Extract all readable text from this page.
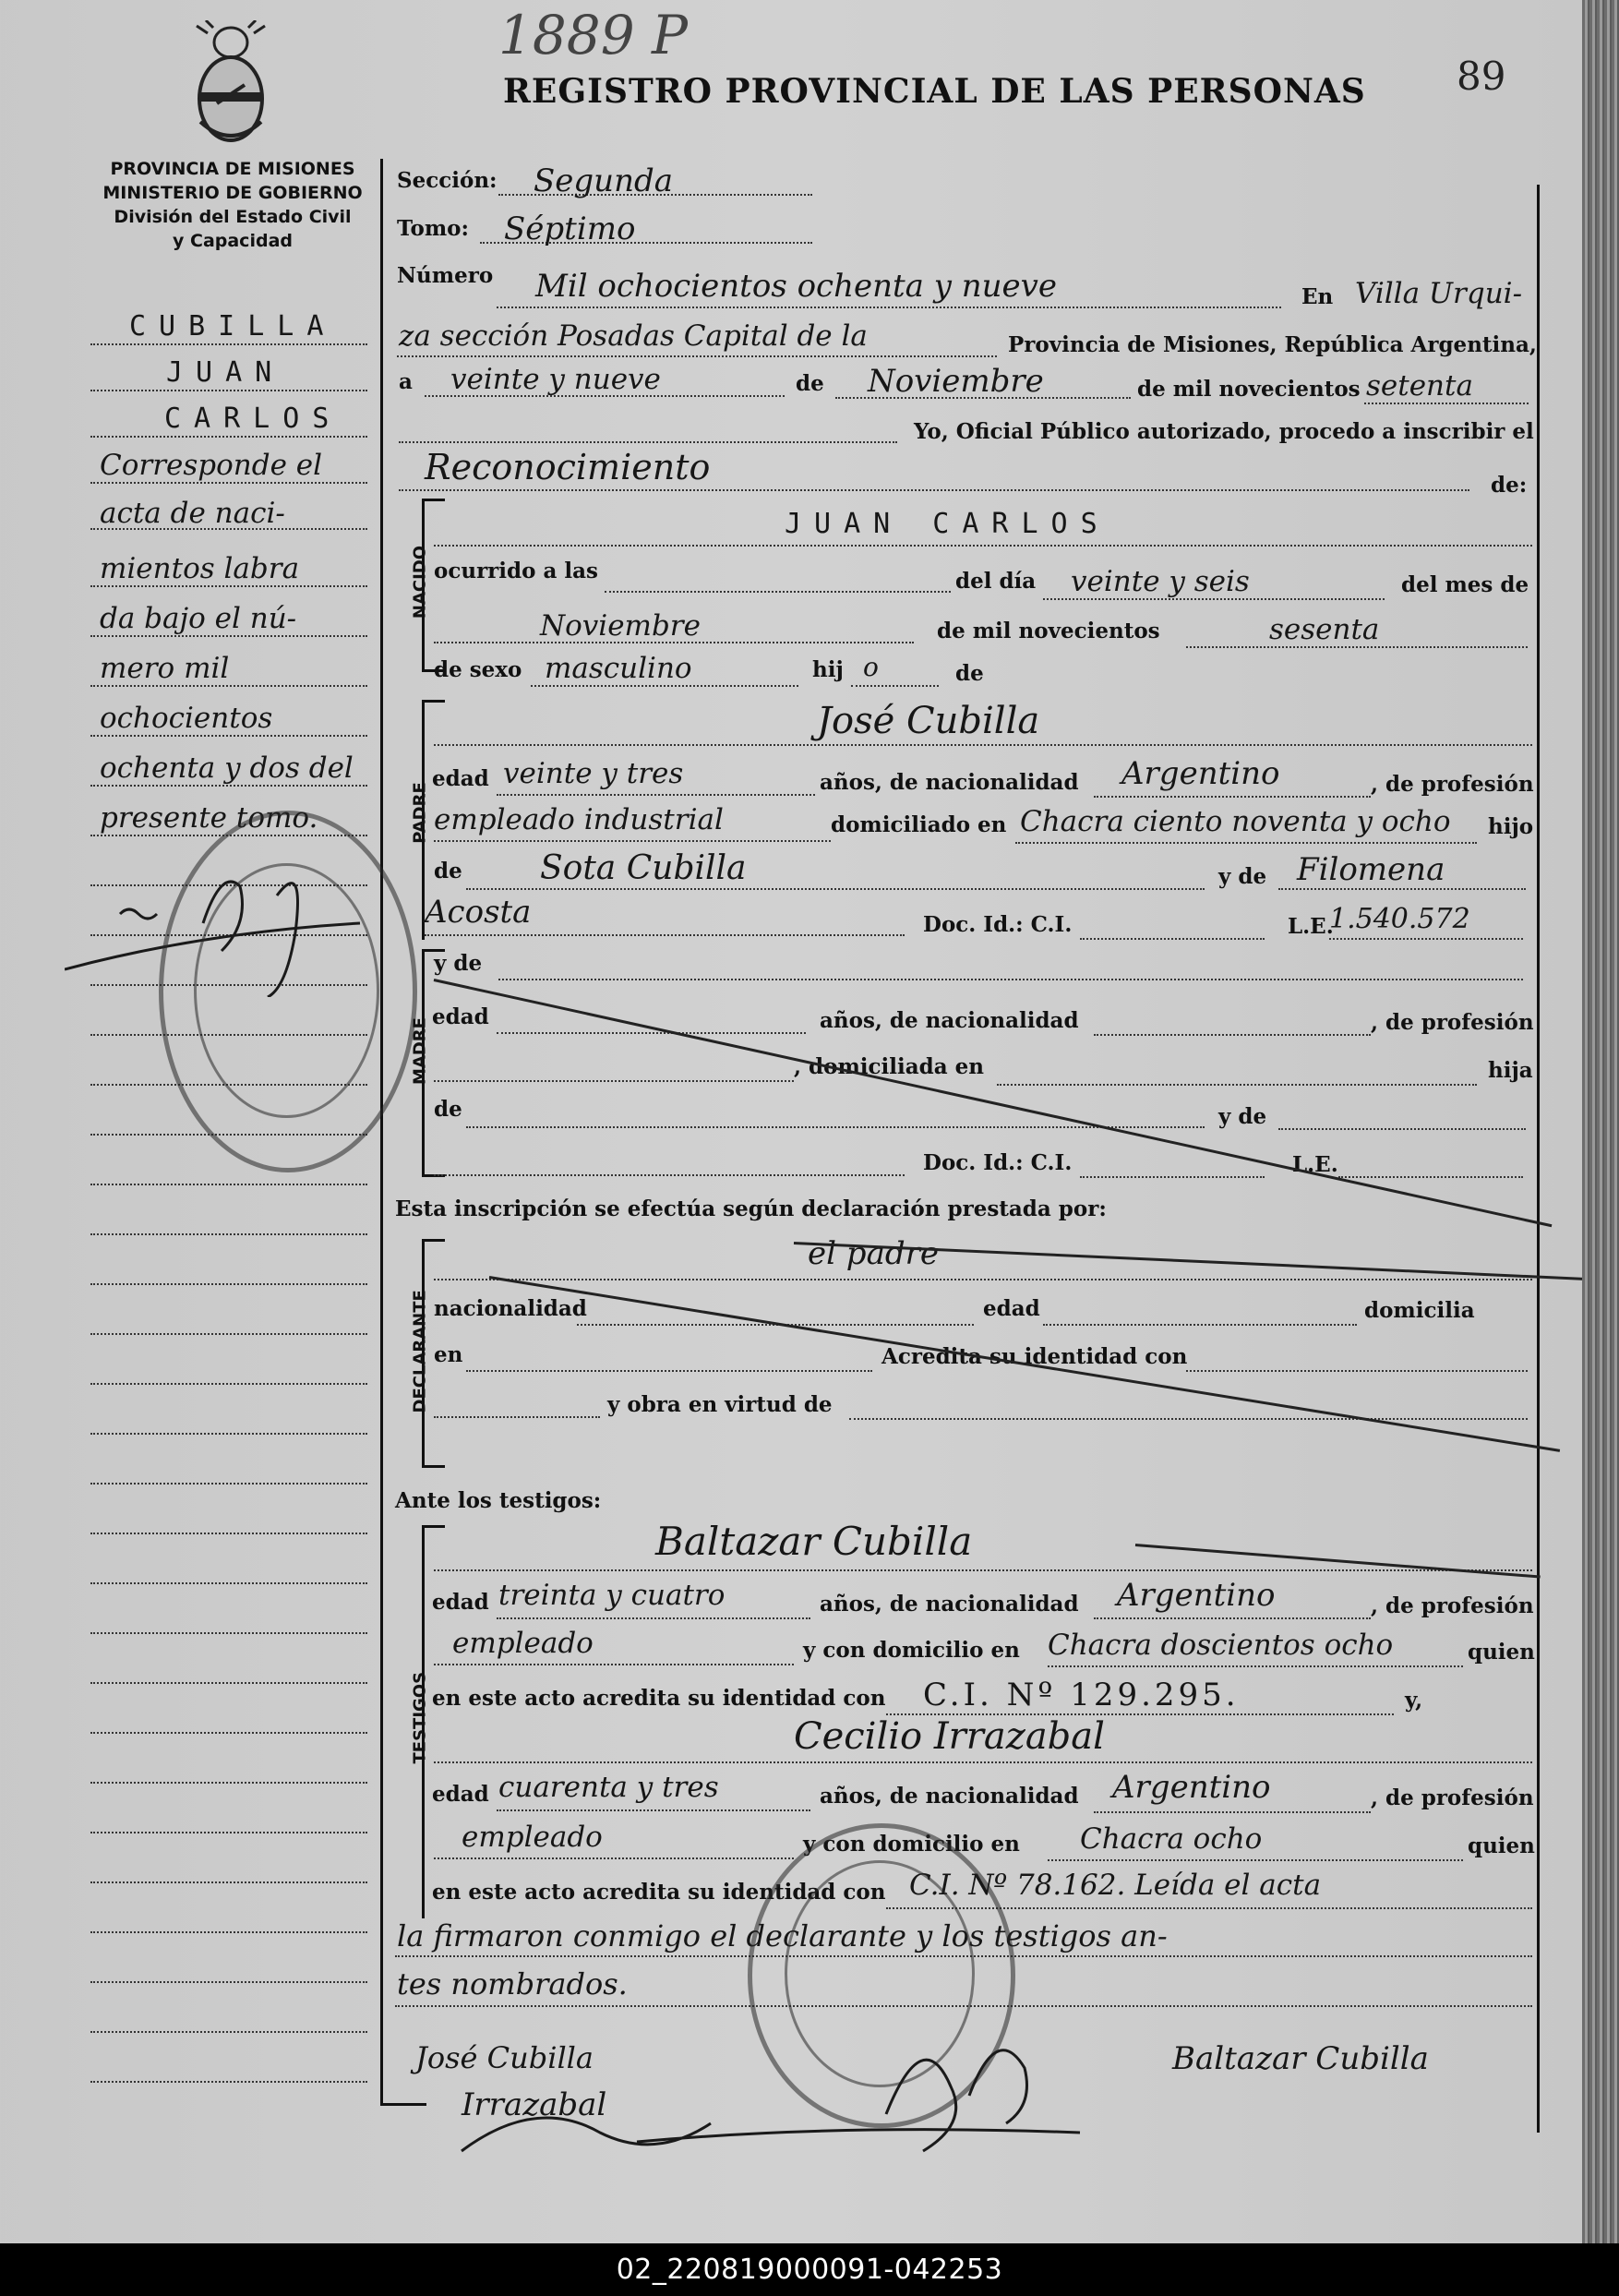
1889 P
89
REGISTRO PROVINCIAL DE LAS PERSONAS
PROVINCIA DE MISIONES
MINISTERIO DE GOBIERNO
División del Estado Civil
y Capacidad
CUBILLA
JUAN
CARLOS
Corresponde el
acta de naci-
mientos labra
da bajo el nú-
mero mil
ochocientos
ochenta y dos del
presente tomo.
Sección: Segunda
Tomo: Séptimo
Número Mil ochocientos ochenta y nueve	En Villa Urqui-
za sección Posadas Capital de la	Provincia de Misiones, República Argentina,
a veinte y nueve	de Noviembre	de mil novecientos setenta
Yo, Oficial Público autorizado, procedo a inscribir el
Reconocimiento	de:
NACIDO
JUAN CARLOS
ocurrido a las	del día veinte y seis	del mes de
Noviembre	de mil novecientos	sesenta
de sexo masculino	hij o	de
PADRE
José Cubilla
edad veinte y tres	años, de nacionalidad Argentino	, de profesión
empleado industrial	domiciliado en Chacra ciento noventa y ocho hijo
de Sota Cubilla	y de Filomena
Acosta	Doc. Id.: C.I.	L.E.
1.540.572
MADRE
y de
edad	años, de nacionalidad	, de profesión
, domiciliada en	hija
de	y de
Doc. Id.: C.I.	L.E.
Esta inscripción se efectúa según declaración prestada por:
DECLARANTE
el padre
nacionalidad	edad	domicilia
en	Acredita su identidad con
y obra en virtud de
Ante los testigos:
TESTIGOS
Baltazar Cubilla
edad treinta y cuatro	años, de nacionalidad Argentino	, de profesión
empleado	y con domicilio en Chacra doscientos ocho	quien
en este acto acredita su identidad con C.I. Nº 129.295.	y,
Cecilio Irrazabal
edad cuarenta y tres	años, de nacionalidad Argentino	, de profesión
empleado	y con domicilio en Chacra ocho	quien
en este acto acredita su identidad con C.I. Nº 78.162. Leída el acta
la firmaron conmigo el declarante y los testigos an-
tes nombrados.
José Cubilla
Irrazabal
Baltazar Cubilla
02_220819000091-042253
